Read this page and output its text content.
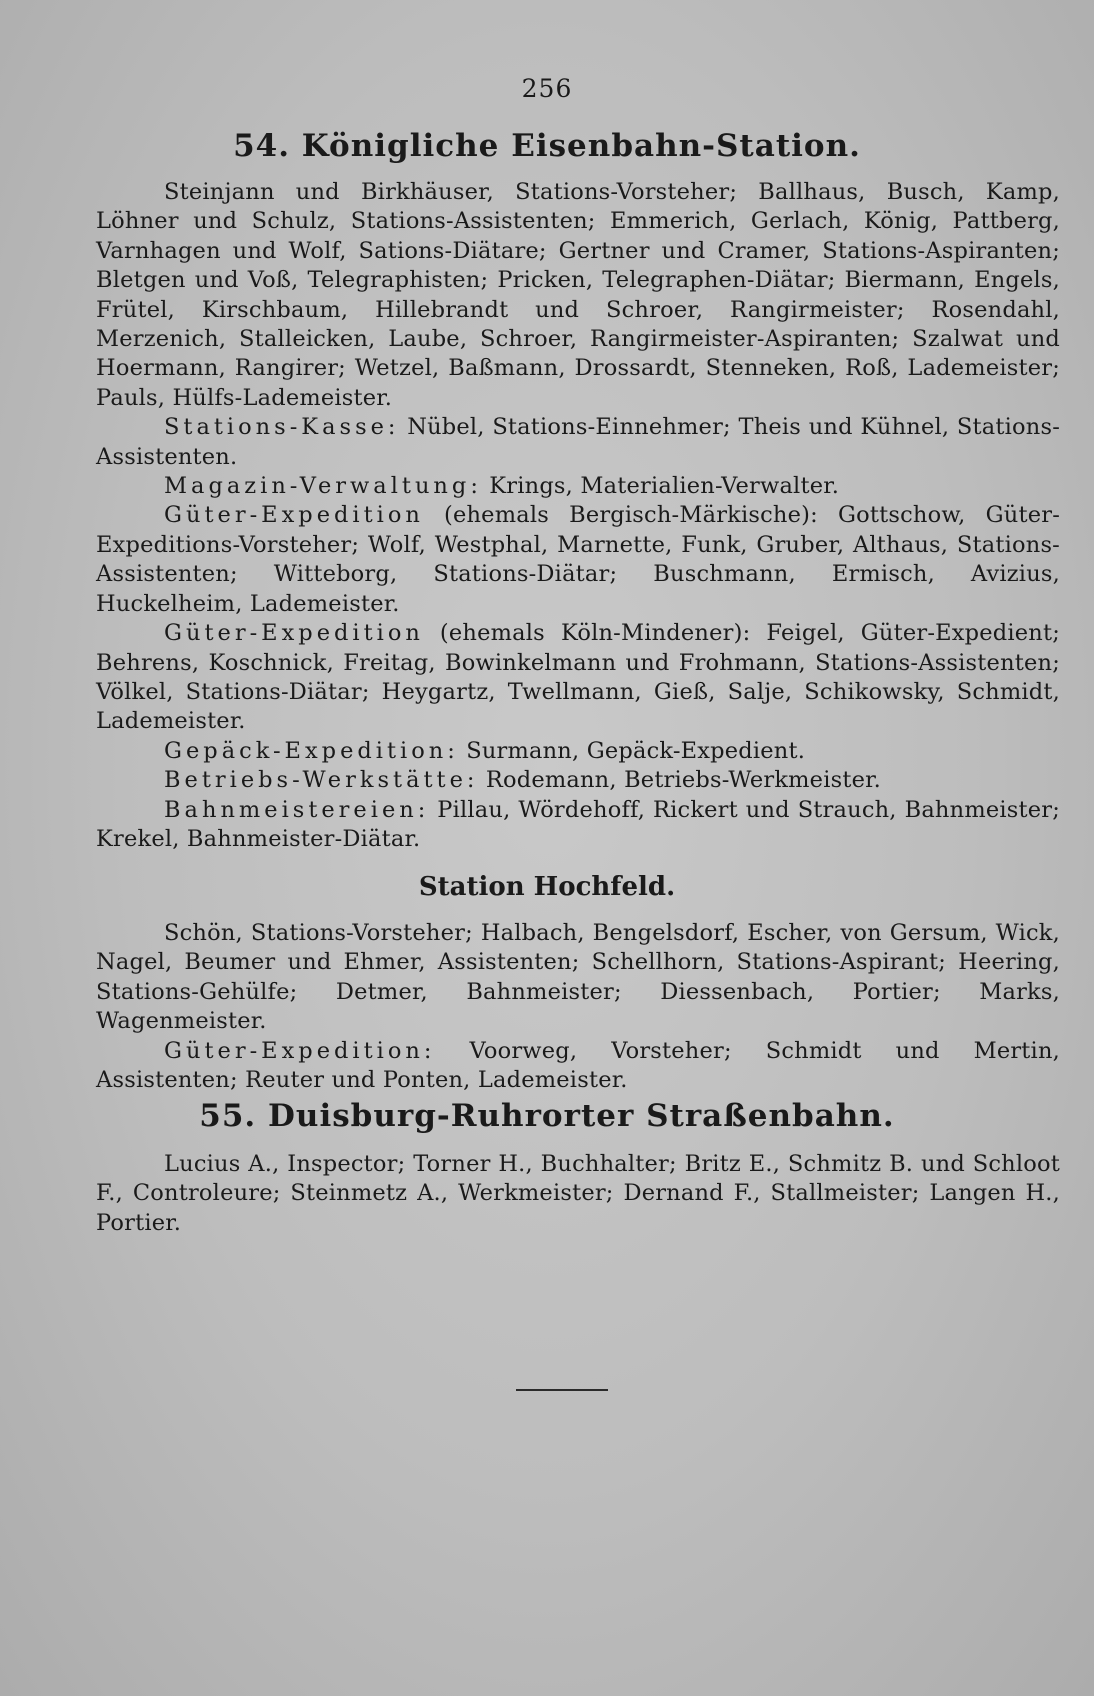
256
54. Königliche Eisenbahn-Station.

Steinjann und Birkhäuser, Stations-Vorsteher; Ballhaus, Busch, Kamp, Löhner und Schulz, Stations-Assistenten; Emmerich, Gerlach, König, Pattberg, Varnhagen und Wolf, Sations-Diätare; Gertner und Cramer, Stations-Aspiranten; Bletgen und Voß, Telegraphisten; Pricken, Telegraphen-Diätar; Biermann, Engels, Frütel, Kirschbaum, Hillebrandt und Schroer, Rangirmeister; Rosendahl, Merzenich, Stalleicken, Laube, Schroer, Rangirmeister-Aspiranten; Szalwat und Hoermann, Rangirer; Wetzel, Baßmann, Drossardt, Stenneken, Roß, Lademeister; Pauls, Hülfs-Lademeister.

Stations-Kasse: Nübel, Stations-Einnehmer; Theis und Kühnel, Stations-Assistenten.

Magazin-Verwaltung: Krings, Materialien-Verwalter.

Güter-Expedition (ehemals Bergisch-Märkische): Gottschow, Güter-Expeditions-Vorsteher; Wolf, Westphal, Marnette, Funk, Gruber, Althaus, Stations-Assistenten; Witteborg, Stations-Diätar; Buschmann, Ermisch, Avizius, Huckelheim, Lademeister.

Güter-Expedition (ehemals Köln-Mindener): Feigel, Güter-Expedient; Behrens, Koschnick, Freitag, Bowinkelmann und Frohmann, Stations-Assistenten; Völkel, Stations-Diätar; Heygartz, Twellmann, Gieß, Salje, Schikowsky, Schmidt, Lademeister.

Gepäck-Expedition: Surmann, Gepäck-Expedient.

Betriebs-Werkstätte: Rodemann, Betriebs-Werkmeister.

Bahnmeistereien: Pillau, Wördehoff, Rickert und Strauch, Bahnmeister; Krekel, Bahnmeister-Diätar.

Station Hochfeld.

Schön, Stations-Vorsteher; Halbach, Bengelsdorf, Escher, von Gersum, Wick, Nagel, Beumer und Ehmer, Assistenten; Schellhorn, Stations-Aspirant; Heering, Stations-Gehülfe; Detmer, Bahnmeister; Diessenbach, Portier; Marks, Wagenmeister.

Güter-Expedition: Voorweg, Vorsteher; Schmidt und Mertin, Assistenten; Reuter und Ponten, Lademeister.

55. Duisburg-Ruhrorter Straßenbahn.

Lucius A., Inspector; Torner H., Buchhalter; Britz E., Schmitz B. und Schloot F., Controleure; Steinmetz A., Werkmeister; Dernand F., Stallmeister; Langen H., Portier.
